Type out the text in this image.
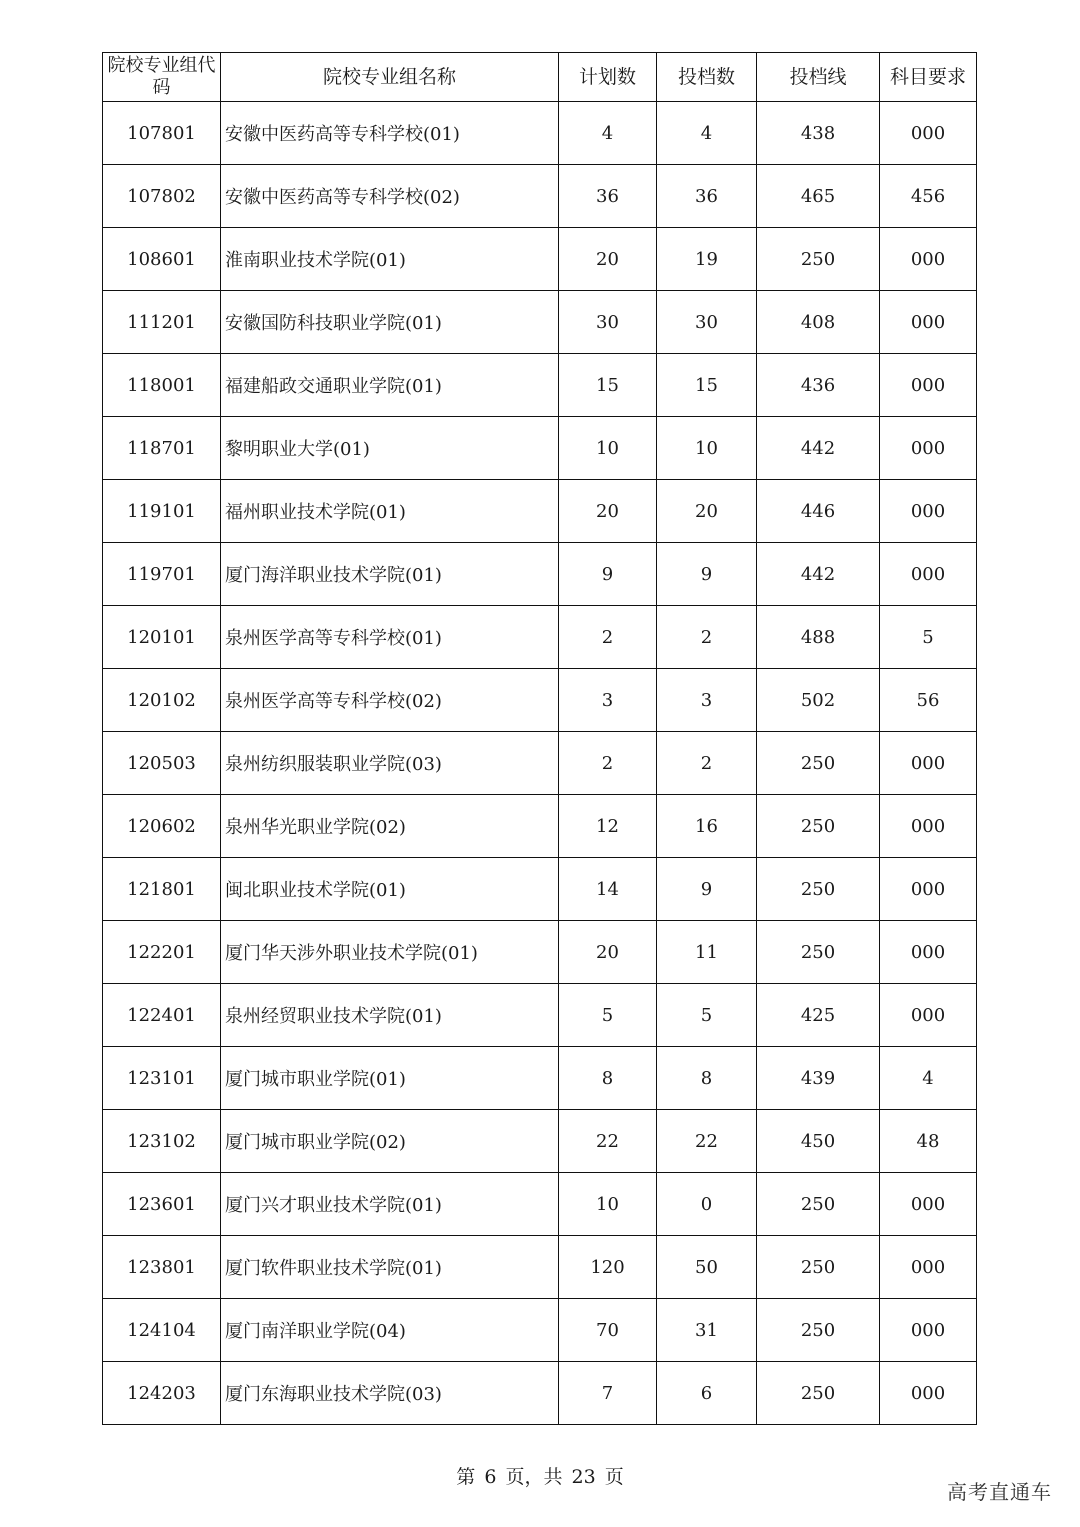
院校专业组代码	院校专业组名称	计划数	投档数	投档线	科目要求
107801	安徽中医药高等专科学校(01)	4	4	438	000
107802	安徽中医药高等专科学校(02)	36	36	465	456
108601	淮南职业技术学院(01)	20	19	250	000
111201	安徽国防科技职业学院(01)	30	30	408	000
118001	福建船政交通职业学院(01)	15	15	436	000
118701	黎明职业大学(01)	10	10	442	000
119101	福州职业技术学院(01)	20	20	446	000
119701	厦门海洋职业技术学院(01)	9	9	442	000
120101	泉州医学高等专科学校(01)	2	2	488	5
120102	泉州医学高等专科学校(02)	3	3	502	56
120503	泉州纺织服装职业学院(03)	2	2	250	000
120602	泉州华光职业学院(02)	12	16	250	000
121801	闽北职业技术学院(01)	14	9	250	000
122201	厦门华天涉外职业技术学院(01)	20	11	250	000
122401	泉州经贸职业技术学院(01)	5	5	425	000
123101	厦门城市职业学院(01)	8	8	439	4
123102	厦门城市职业学院(02)	22	22	450	48
123601	厦门兴才职业技术学院(01)	10	0	250	000
123801	厦门软件职业技术学院(01)	120	50	250	000
124104	厦门南洋职业学院(04)	70	31	250	000
124203	厦门东海职业技术学院(03)	7	6	250	000
第 6 页，共 23 页
高考直通车
